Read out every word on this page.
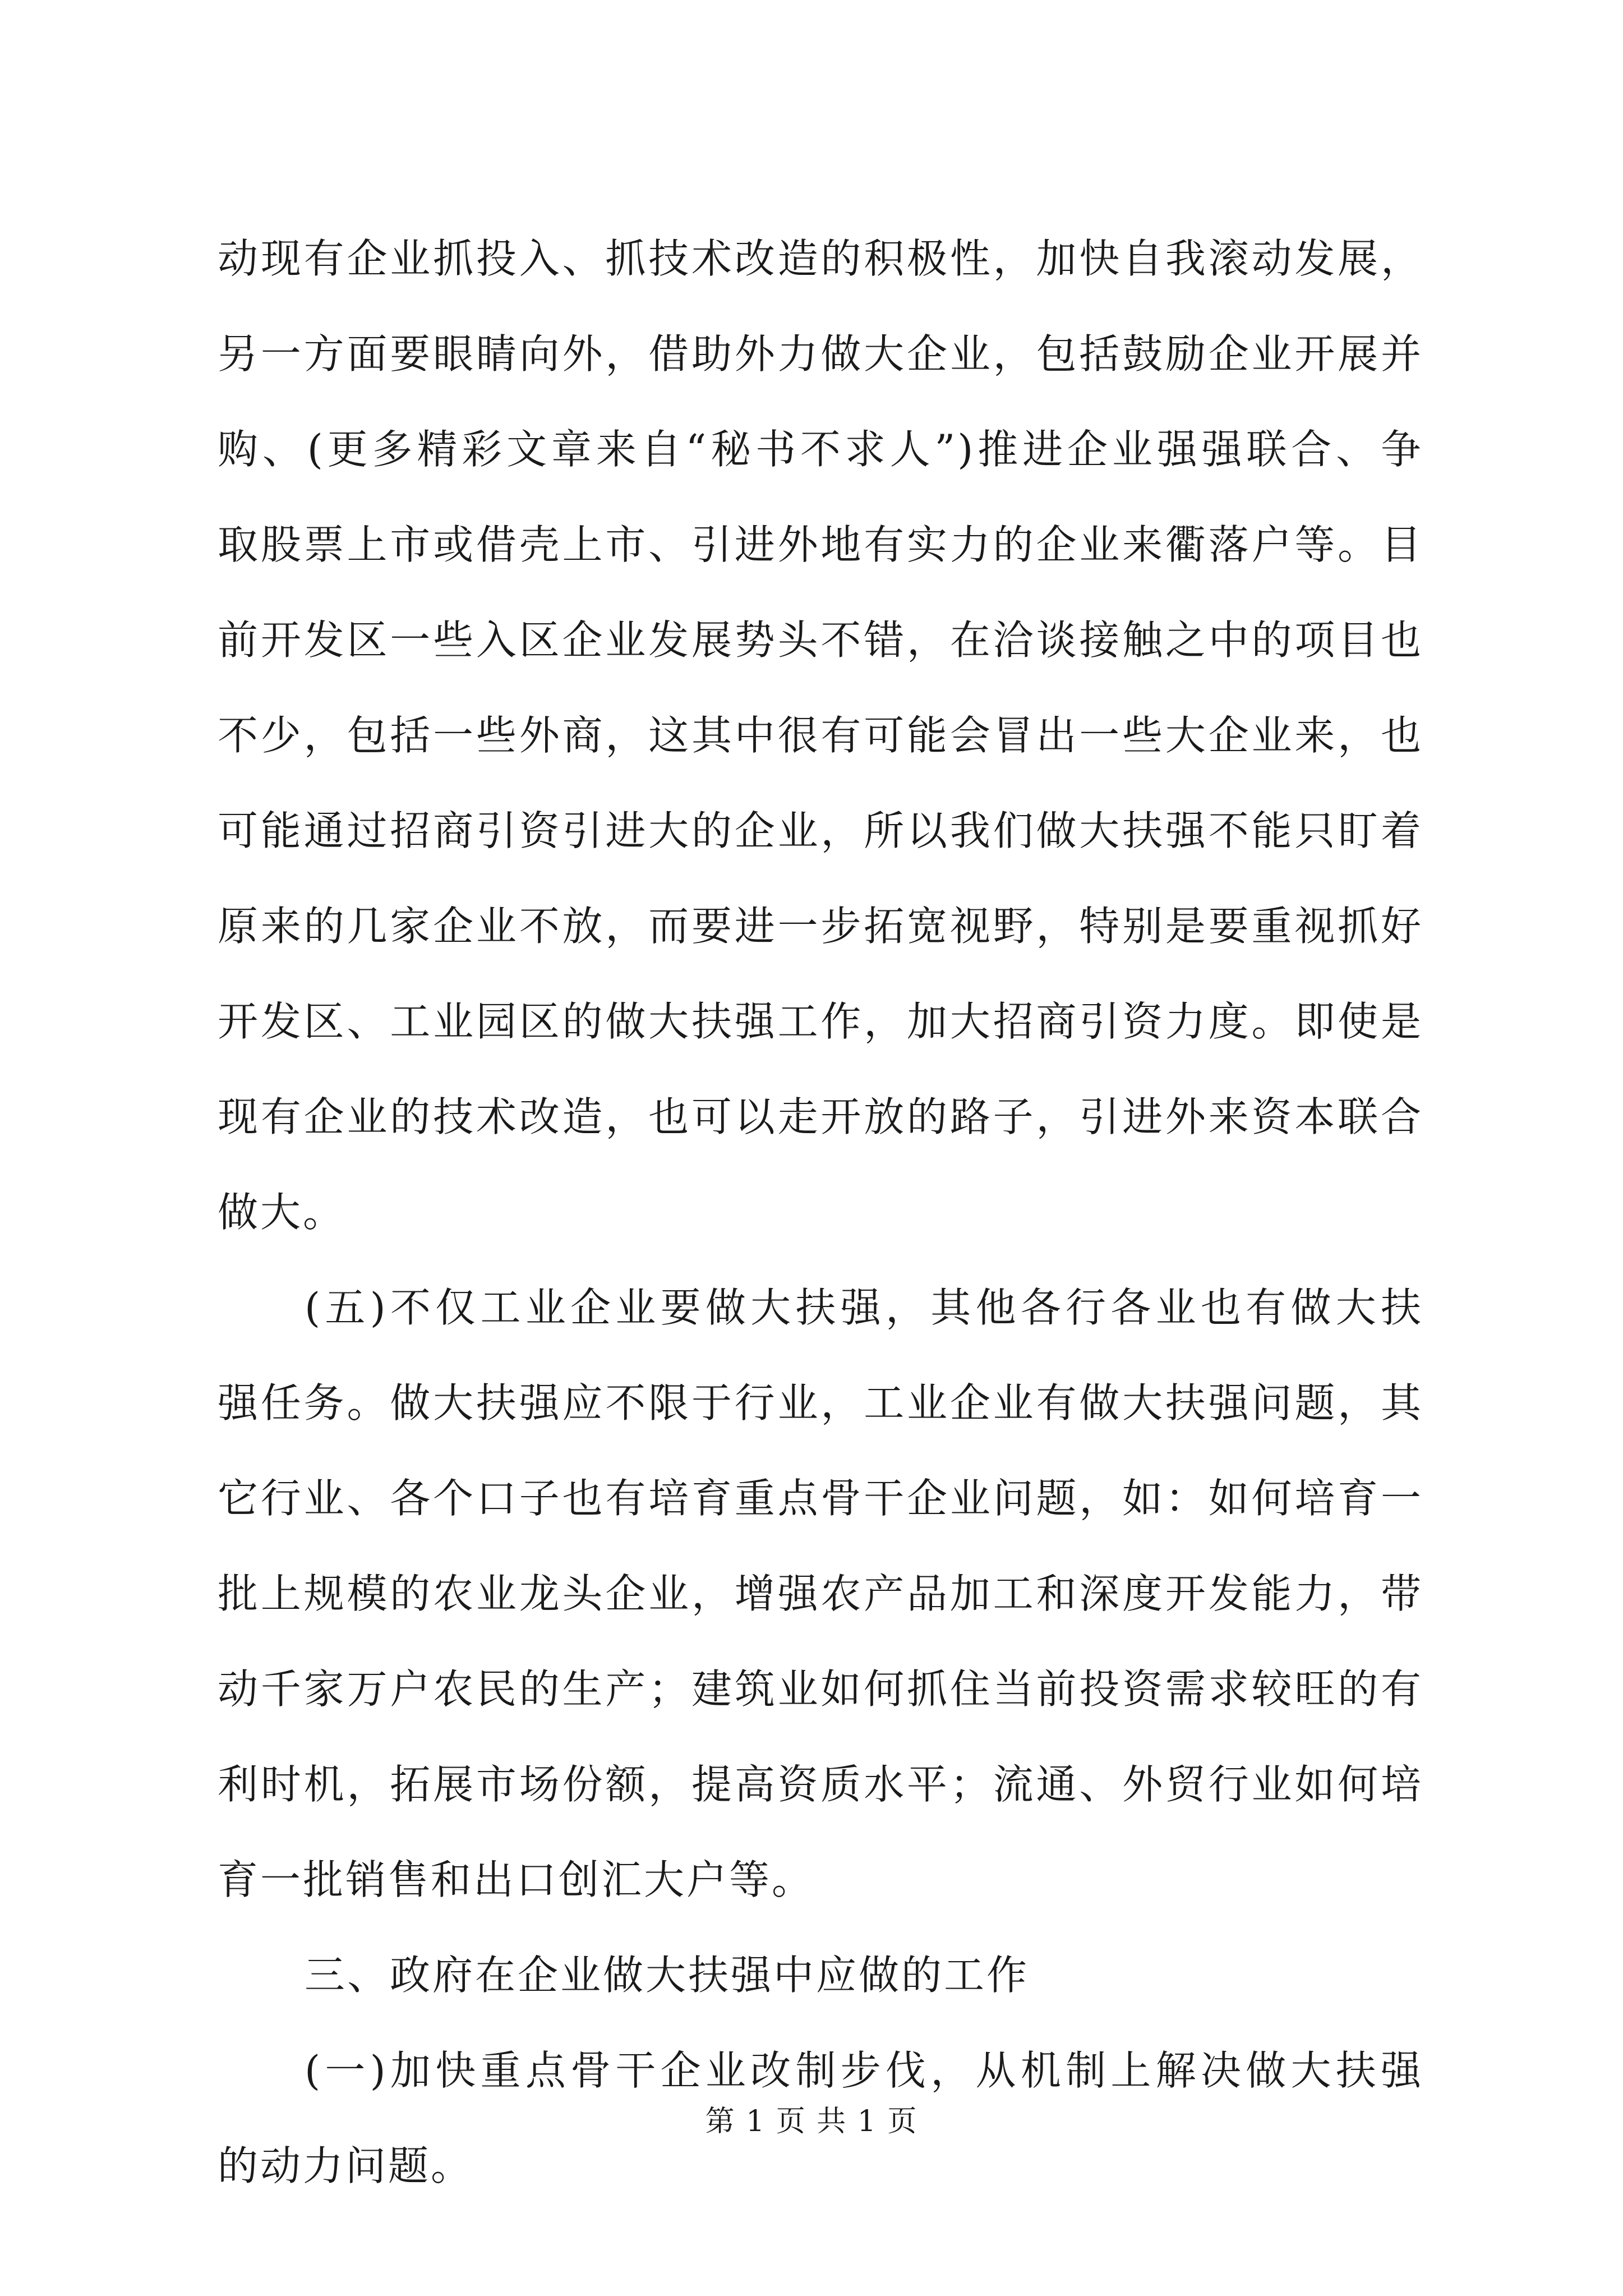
动现有企业抓投入、抓技术改造的积极性，加快自我滚动发展，
另一方面要眼睛向外，借助外力做大企业，包括鼓励企业开展并
购、(更多精彩文章来自“秘书不求人”)推进企业强强联合、争
取股票上市或借壳上市、引进外地有实力的企业来衢落户等。目
前开发区一些入区企业发展势头不错，在洽谈接触之中的项目也
不少，包括一些外商，这其中很有可能会冒出一些大企业来，也
可能通过招商引资引进大的企业，所以我们做大扶强不能只盯着
原来的几家企业不放，而要进一步拓宽视野，特别是要重视抓好
开发区、工业园区的做大扶强工作，加大招商引资力度。即使是
现有企业的技术改造，也可以走开放的路子，引进外来资本联合
做大。
(五)不仅工业企业要做大扶强，其他各行各业也有做大扶
强任务。做大扶强应不限于行业，工业企业有做大扶强问题，其
它行业、各个口子也有培育重点骨干企业问题，如：如何培育一
批上规模的农业龙头企业，增强农产品加工和深度开发能力，带
动千家万户农民的生产；建筑业如何抓住当前投资需求较旺的有
利时机，拓展市场份额，提高资质水平；流通、外贸行业如何培
育一批销售和出口创汇大户等。
三、政府在企业做大扶强中应做的工作
(一)加快重点骨干企业改制步伐，从机制上解决做大扶强
的动力问题。
第 1 页 共 1 页
